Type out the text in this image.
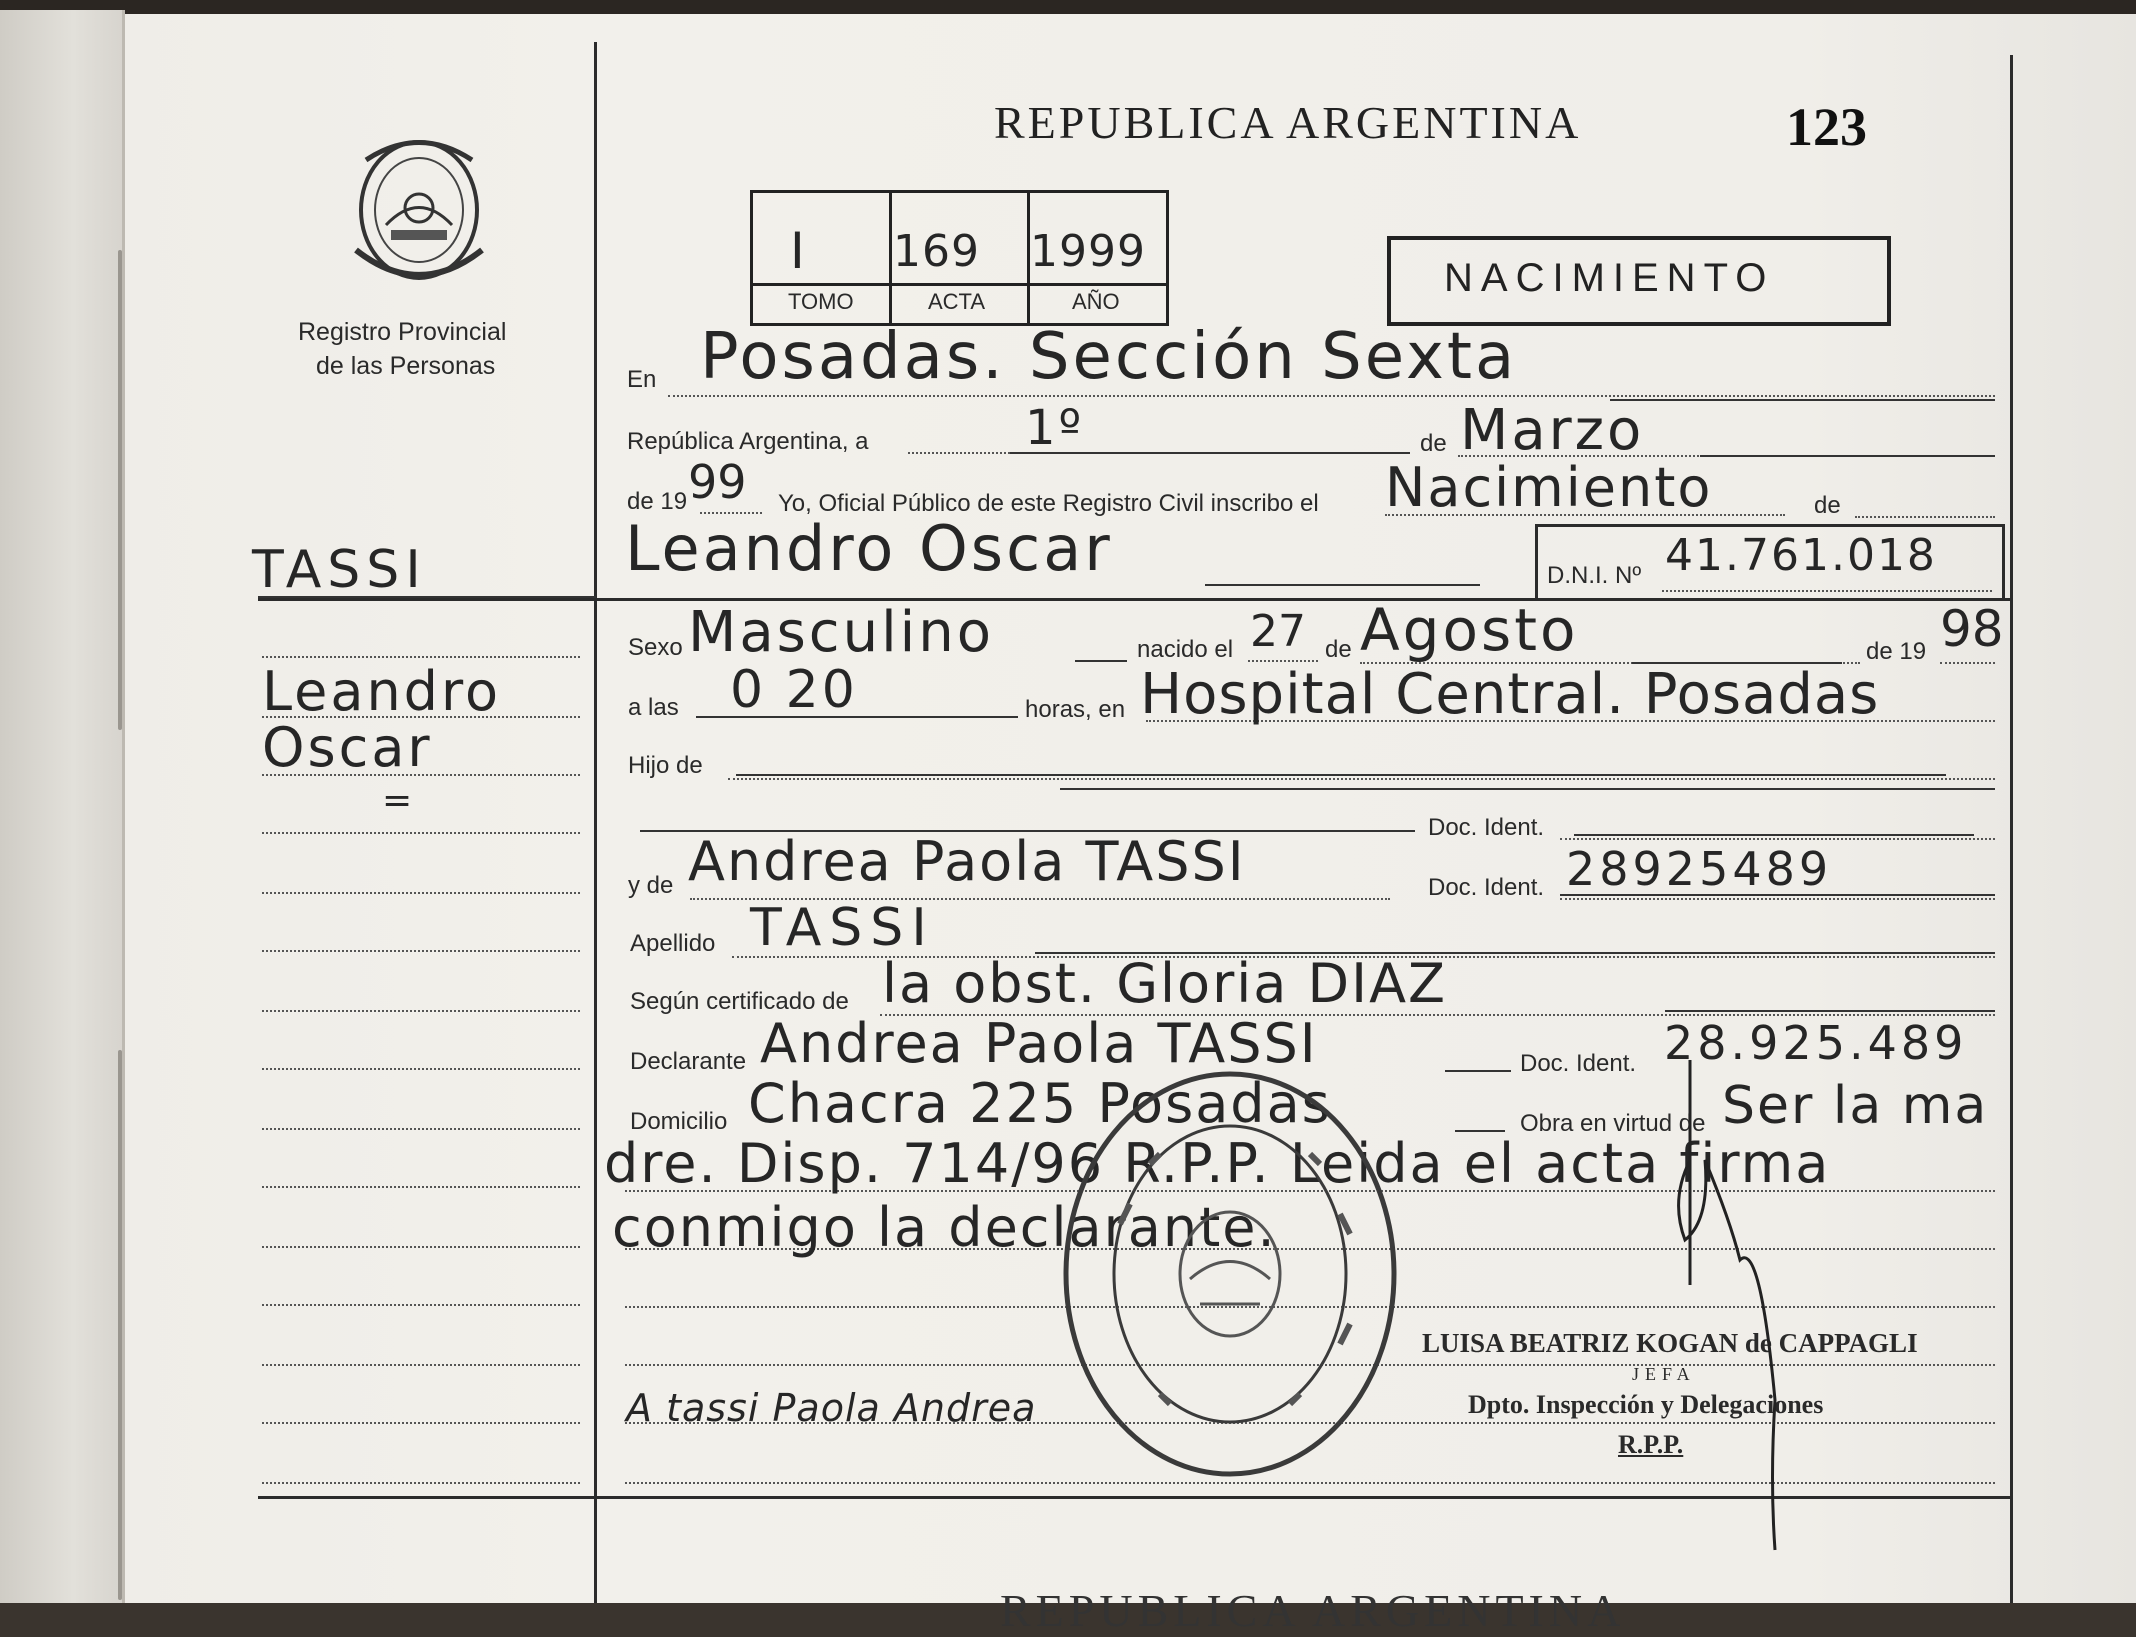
Registro Provincial
de las Personas
REPUBLICA ARGENTINA	123
I 169 1999
TOMO	ACTA	AÑO
NACIMIENTO
En Posadas. Sección Sexta
República Argentina, a	1º	de Marzo
de 19 99 Yo, Oficial Público de este Registro Civil inscribo el Nacimiento	de
Leandro Oscar	D.N.I. Nº 41.761.018
TASSI
Leandro
Oscar
=
Sexo Masculino	nacido el 27 de Agosto	de 19 98
a las 0 20	horas, en Hospital Central. Posadas
Hijo de
Doc. Ident.
y de Andrea Paola TASSI	Doc. Ident. 28925489
Apellido TASSI
Según certificado de la obst. Gloria DIAZ
Declarante Andrea Paola TASSI	Doc. Ident. 28.925.489
Domicilio Chacra 225 Posadas	Obra en virtud de Ser la ma
dre. Disp. 714/96 R.P.P. Leida el acta firma
conmigo la declarante.
LUISA BEATRIZ KOGAN de CAPPAGLI
JEFA
Dpto. Inspección y Delegaciones
R.P.P.
A tassi Paola Andrea
REPUBLICA ARGENTINA
